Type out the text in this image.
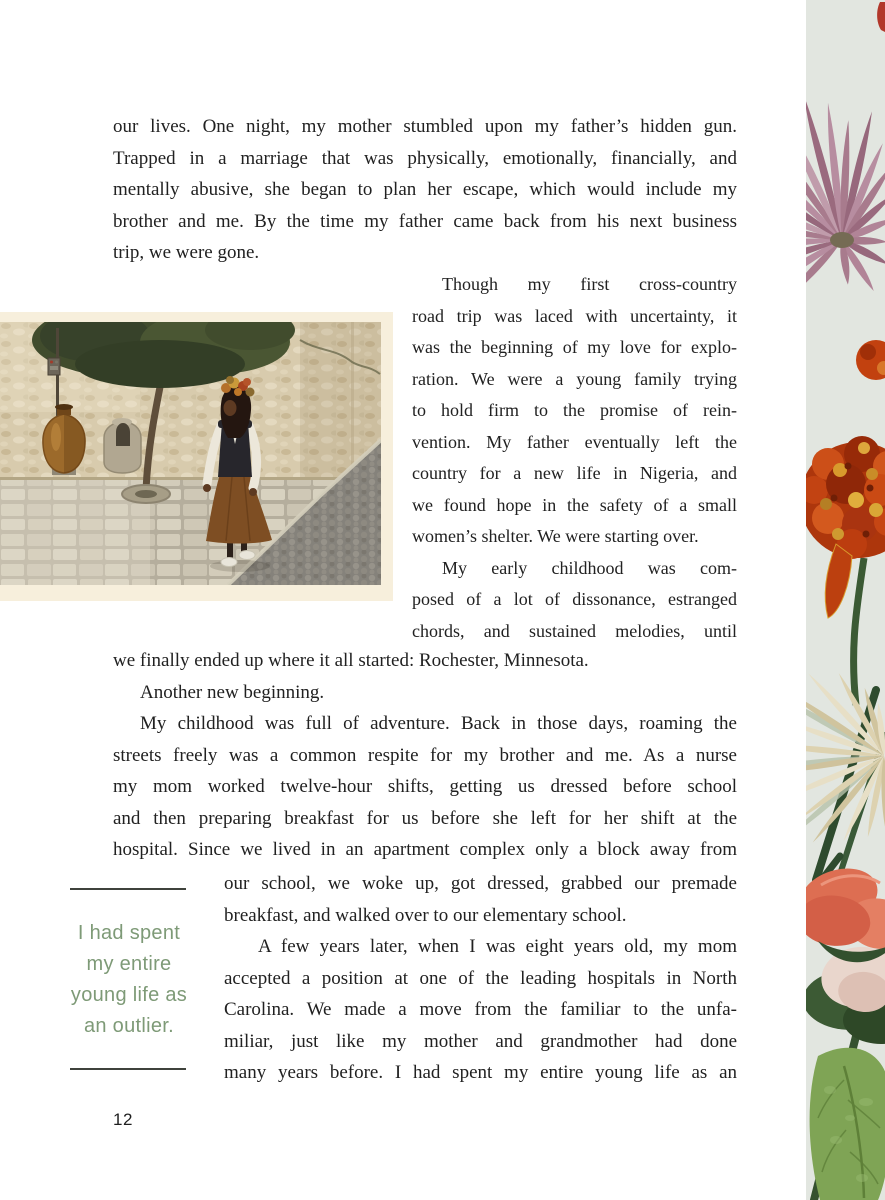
our lives. One night, my mother stumbled upon my father’s hidden gun.
Trapped in a marriage that was physically, emotionally, financially, and
mentally abusive, she began to plan her escape, which would include my
brother and me. By the time my father came back from his next business
trip, we were gone.
Though my first cross-country
road trip was laced with uncertainty, it
was the beginning of my love for explo-
ration. We were a young family trying
to hold firm to the promise of rein-
vention. My father eventually left the
country for a new life in Nigeria, and
we found hope in the safety of a small
women’s shelter. We were starting over.
My early childhood was com-
posed of a lot of dissonance, estranged
chords, and sustained melodies, until
we finally ended up where it all started: Rochester, Minnesota.
Another new beginning.
My childhood was full of adventure. Back in those days, roaming the
streets freely was a common respite for my brother and me. As a nurse
my mom worked twelve-hour shifts, getting us dressed before school
and then preparing breakfast for us before she left for her shift at the
hospital. Since we lived in an apartment complex only a block away from
I had spent
my entire
young life as
an outlier.
our school, we woke up, got dressed, grabbed our premade
breakfast, and walked over to our elementary school.
A few years later, when I was eight years old, my mom
accepted a position at one of the leading hospitals in North
Carolina. We made a move from the familiar to the unfa-
miliar, just like my mother and grandmother had done
many years before. I had spent my entire young life as an
12
